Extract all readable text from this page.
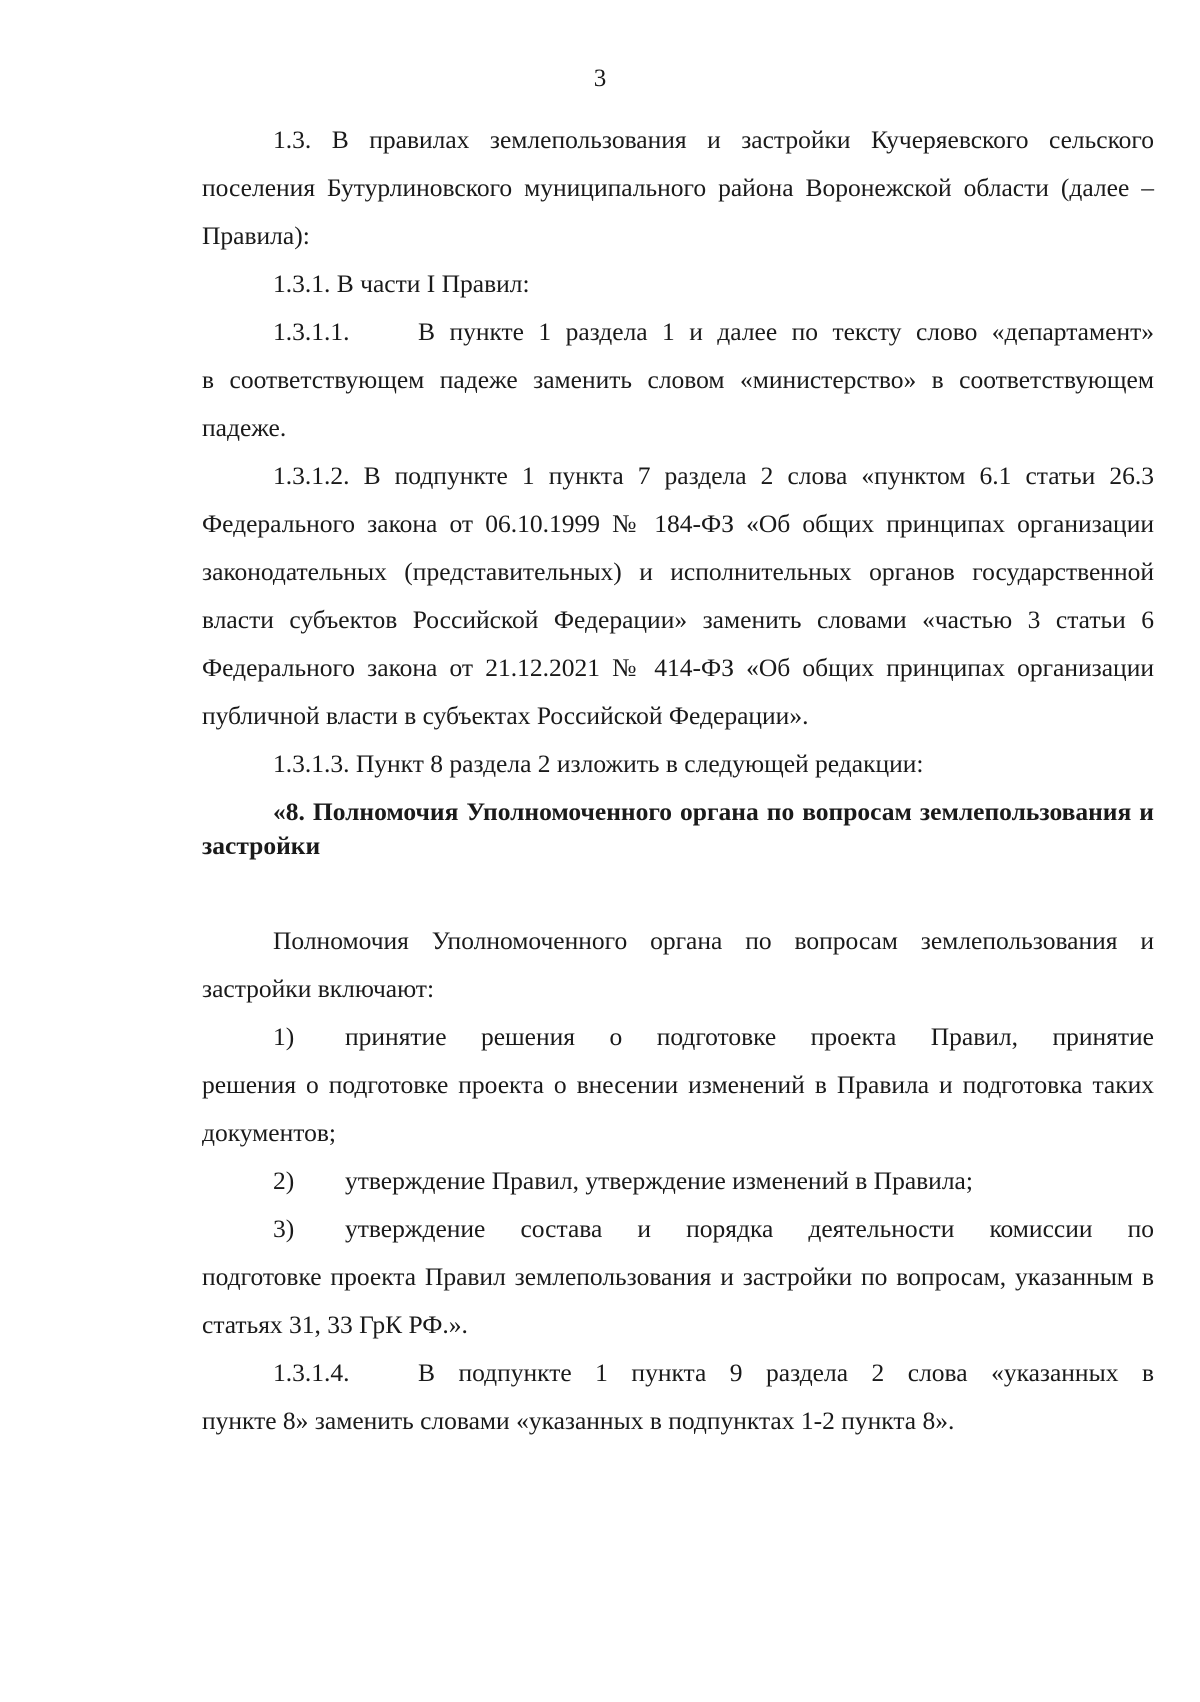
3

1.3. В правилах землепользования и застройки Кучеряевского сельского поселения Бутурлиновского муниципального района Воронежской области (далее – Правила):

1.3.1. В части I Правил:

1.3.1.1.	В пункте 1 раздела 1 и далее по тексту слово «департамент»

в соответствующем падеже заменить словом «министерство» в соответствующем падеже.

1.3.1.2. В подпункте 1 пункта 7 раздела 2 слова «пунктом 6.1 статьи 26.3 Федерального закона от 06.10.1999 № 184-ФЗ «Об общих принципах организации законодательных (представительных) и исполнительных органов государственной власти субъектов Российской Федерации» заменить словами «частью 3 статьи 6 Федерального закона от 21.12.2021 № 414-ФЗ «Об общих принципах организации публичной власти в субъектах Российской Федерации».

1.3.1.3. Пункт 8 раздела 2 изложить в следующей редакции:

«8. Полномочия Уполномоченного органа по вопросам землепользования и застройки

Полномочия Уполномоченного органа по вопросам землепользования и застройки включают:

1)	принятие решения о подготовке проекта Правил, принятие

решения о подготовке проекта о внесении изменений в Правила и подготовка таких документов;

2)	утверждение Правил, утверждение изменений в Правила;

3)	утверждение состава и порядка деятельности комиссии по

подготовке проекта Правил землепользования и застройки по вопросам, указанным в статьях 31, 33 ГрК РФ.».

1.3.1.4.	В подпункте 1 пункта 9 раздела 2 слова «указанных в

пункте 8» заменить словами «указанных в подпунктах 1-2 пункта 8».
